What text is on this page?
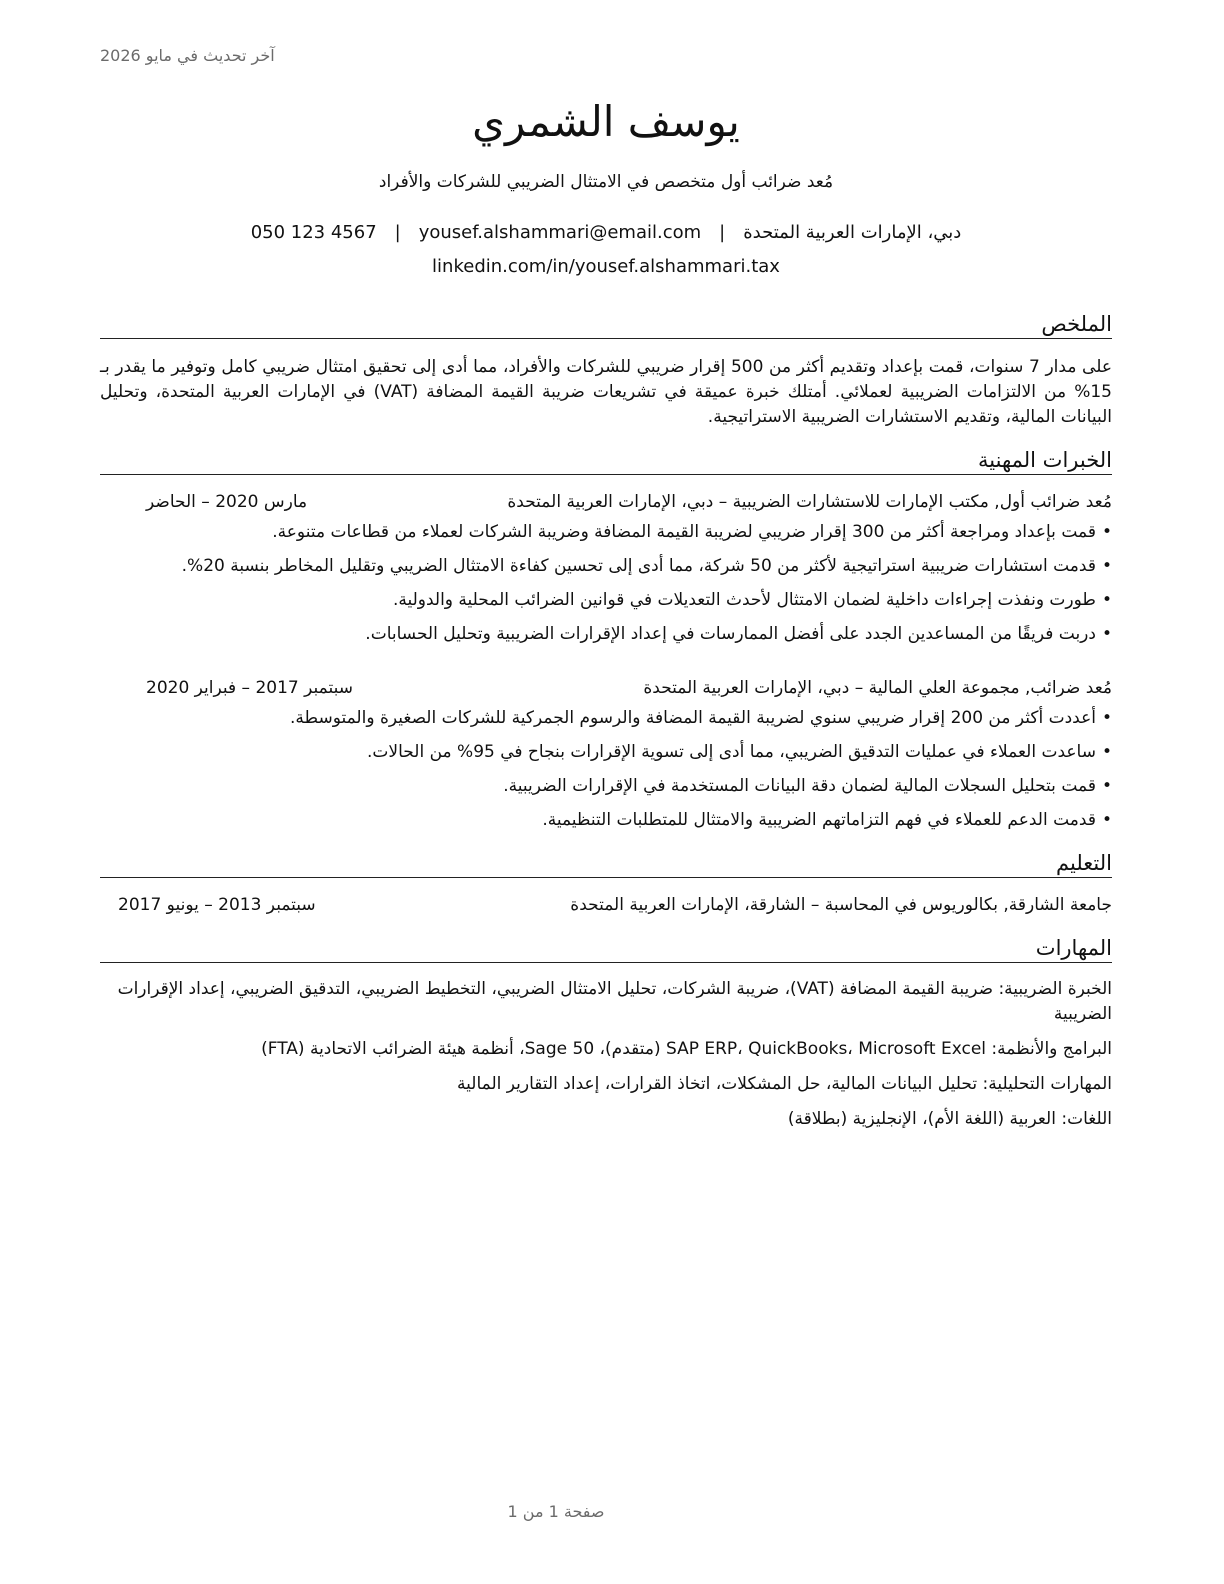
آخر تحديث في مايو 2026
يوسف الشمري
مُعد ضرائب أول متخصص في الامتثال الضريبي للشركات والأفراد
دبي، الإمارات العربية المتحدة
|
yousef.alshammari@email.com
|
050 123 4567
linkedin.com/in/yousef.alshammari.tax
الملخص

على مدار 7 سنوات، قمت بإعداد وتقديم أكثر من 500 إقرار ضريبي للشركات والأفراد، مما أدى إلى تحقيق امتثال ضريبي كامل وتوفير ما يقدر بـ 15% من الالتزامات الضريبية لعملائي. أمتلك خبرة عميقة في تشريعات ضريبة القيمة المضافة (VAT) في الإمارات العربية المتحدة، وتحليل البيانات المالية، وتقديم الاستشارات الضريبية الاستراتيجية.

الخبرات المهنية
مُعد ضرائب أول, مكتب الإمارات للاستشارات الضريبية – دبي، الإمارات العربية المتحدة
مارس 2020 – الحاضر
• قمت بإعداد ومراجعة أكثر من 300 إقرار ضريبي لضريبة القيمة المضافة وضريبة الشركات لعملاء من قطاعات متنوعة.
• قدمت استشارات ضريبية استراتيجية لأكثر من 50 شركة، مما أدى إلى تحسين كفاءة الامتثال الضريبي وتقليل المخاطر بنسبة 20%.
• طورت ونفذت إجراءات داخلية لضمان الامتثال لأحدث التعديلات في قوانين الضرائب المحلية والدولية.
• دربت فريقًا من المساعدين الجدد على أفضل الممارسات في إعداد الإقرارات الضريبية وتحليل الحسابات.
مُعد ضرائب, مجموعة العلي المالية – دبي، الإمارات العربية المتحدة
سبتمبر 2017 – فبراير 2020
• أعددت أكثر من 200 إقرار ضريبي سنوي لضريبة القيمة المضافة والرسوم الجمركية للشركات الصغيرة والمتوسطة.
• ساعدت العملاء في عمليات التدقيق الضريبي، مما أدى إلى تسوية الإقرارات بنجاح في 95% من الحالات.
• قمت بتحليل السجلات المالية لضمان دقة البيانات المستخدمة في الإقرارات الضريبية.
• قدمت الدعم للعملاء في فهم التزاماتهم الضريبية والامتثال للمتطلبات التنظيمية.
التعليم
جامعة الشارقة, بكالوريوس في المحاسبة – الشارقة، الإمارات العربية المتحدة
سبتمبر 2013 – يونيو 2017
المهارات
الخبرة الضريبية: ضريبة القيمة المضافة (VAT)، ضريبة الشركات، تحليل الامتثال الضريبي، التخطيط الضريبي، التدقيق الضريبي، إعداد الإقرارات الضريبية
البرامج والأنظمة: SAP ERP، QuickBooks، Microsoft Excel (متقدم)، Sage 50، أنظمة هيئة الضرائب الاتحادية (FTA)
المهارات التحليلية: تحليل البيانات المالية، حل المشكلات، اتخاذ القرارات، إعداد التقارير المالية
اللغات: العربية (اللغة الأم)، الإنجليزية (بطلاقة)
صفحة 1 من 1
